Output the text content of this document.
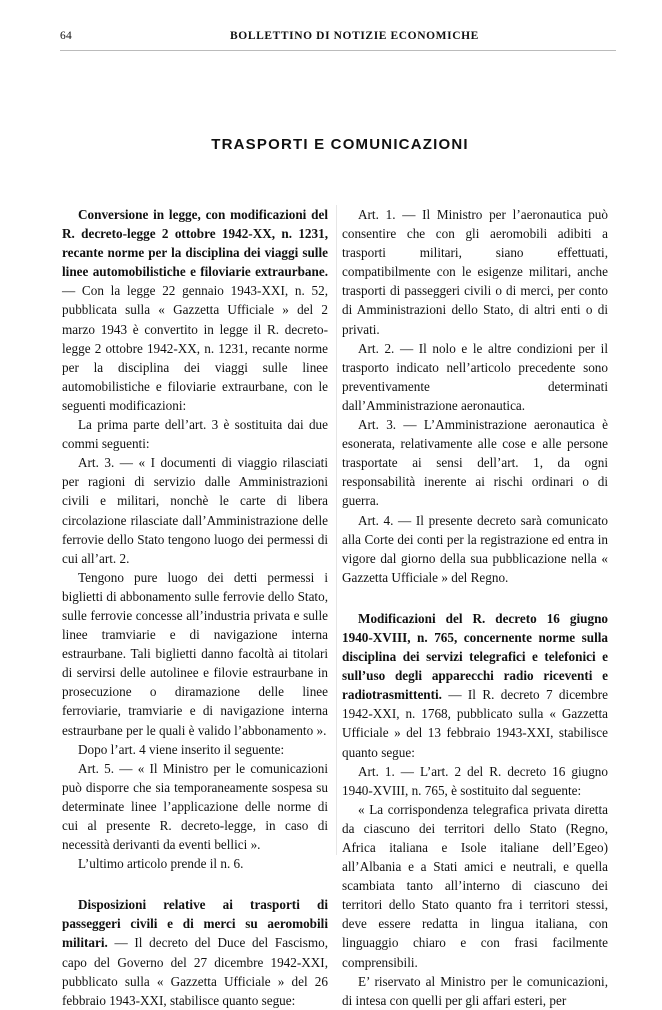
64	BOLLETTINO DI NOTIZIE ECONOMICHE
TRASPORTI E COMUNICAZIONI

Conversione in legge, con modificazioni del R. decreto-legge 2 ottobre 1942-XX, n. 1231, recante norme per la disciplina dei viaggi sulle linee automobilistiche e filoviarie extraurbane. — Con la legge 22 gennaio 1943-XXI, n. 52, pubblicata sulla « Gazzetta Ufficiale » del 2 marzo 1943 è convertito in legge il R. decreto-legge 2 ottobre 1942-XX, n. 1231, recante norme per la disciplina dei viaggi sulle linee automobilistiche e filoviarie extraurbane, con le seguenti modificazioni:

La prima parte dell’art. 3 è sostituita dai due commi seguenti:

Art. 3. — « I documenti di viaggio rilasciati per ragioni di servizio dalle Amministrazioni civili e militari, nonchè le carte di libera circolazione rilasciate dall’Amministrazione delle ferrovie dello Stato tengono luogo dei permessi di cui all’art. 2.

Tengono pure luogo dei detti permessi i biglietti di abbonamento sulle ferrovie dello Stato, sulle ferrovie concesse all’industria privata e sulle linee tramviarie e di navigazione interna estraurbane. Tali biglietti danno facoltà ai titolari di servirsi delle autolinee e filovie estraurbane in prosecuzione o diramazione delle linee ferroviarie, tramviarie e di navigazione interna estraurbane per le quali è valido l’abbonamento ».

Dopo l’art. 4 viene inserito il seguente:

Art. 5. — « Il Ministro per le comunicazioni può disporre che sia temporaneamente sospesa su determinate linee l’applicazione delle norme di cui al presente R. decreto-legge, in caso di necessità derivanti da eventi bellici ».

L’ultimo articolo prende il n. 6.

Disposizioni relative ai trasporti di passeggeri civili e di merci su aeromobili militari. — Il decreto del Duce del Fascismo, capo del Governo del 27 dicembre 1942-XXI, pubblicato sulla « Gazzetta Ufficiale » del 26 febbraio 1943-XXI, stabilisce quanto segue:

Art. 1. — Il Ministro per l’aeronautica può consentire che con gli aeromobili adibiti a trasporti militari, siano effettuati, compatibilmente con le esigenze militari, anche trasporti di passeggeri civili o di merci, per conto di Amministrazioni dello Stato, di altri enti o di privati.

Art. 2. — Il nolo e le altre condizioni per il trasporto indicato nell’articolo precedente sono preventivamente determinati dall’Amministrazione aeronautica.

Art. 3. — L’Amministrazione aeronautica è esonerata, relativamente alle cose e alle persone trasportate ai sensi dell’art. 1, da ogni responsabilità inerente ai rischi ordinari o di guerra.

Art. 4. — Il presente decreto sarà comunicato alla Corte dei conti per la registrazione ed entra in vigore dal giorno della sua pubblicazione nella « Gazzetta Ufficiale » del Regno.

Modificazioni del R. decreto 16 giugno 1940-XVIII, n. 765, concernente norme sulla disciplina dei servizi telegrafici e telefonici e sull’uso degli apparecchi radio riceventi e radiotrasmittenti. — Il R. decreto 7 dicembre 1942-XXI, n. 1768, pubblicato sulla « Gazzetta Ufficiale » del 13 febbraio 1943-XXI, stabilisce quanto segue:

Art. 1. — L’art. 2 del R. decreto 16 giugno 1940-XVIII, n. 765, è sostituito dal seguente:

« La corrispondenza telegrafica privata diretta da ciascuno dei territori dello Stato (Regno, Africa italiana e Isole italiane dell’Egeo) all’Albania e a Stati amici e neutrali, e quella scambiata tanto all’interno di ciascuno dei territori dello Stato quanto fra i territori stessi, deve essere redatta in lingua italiana, con linguaggio chiaro e con frasi facilmente comprensibili.

E’ riservato al Ministro per le comunicazioni, di intesa con quelli per gli affari esteri, per
